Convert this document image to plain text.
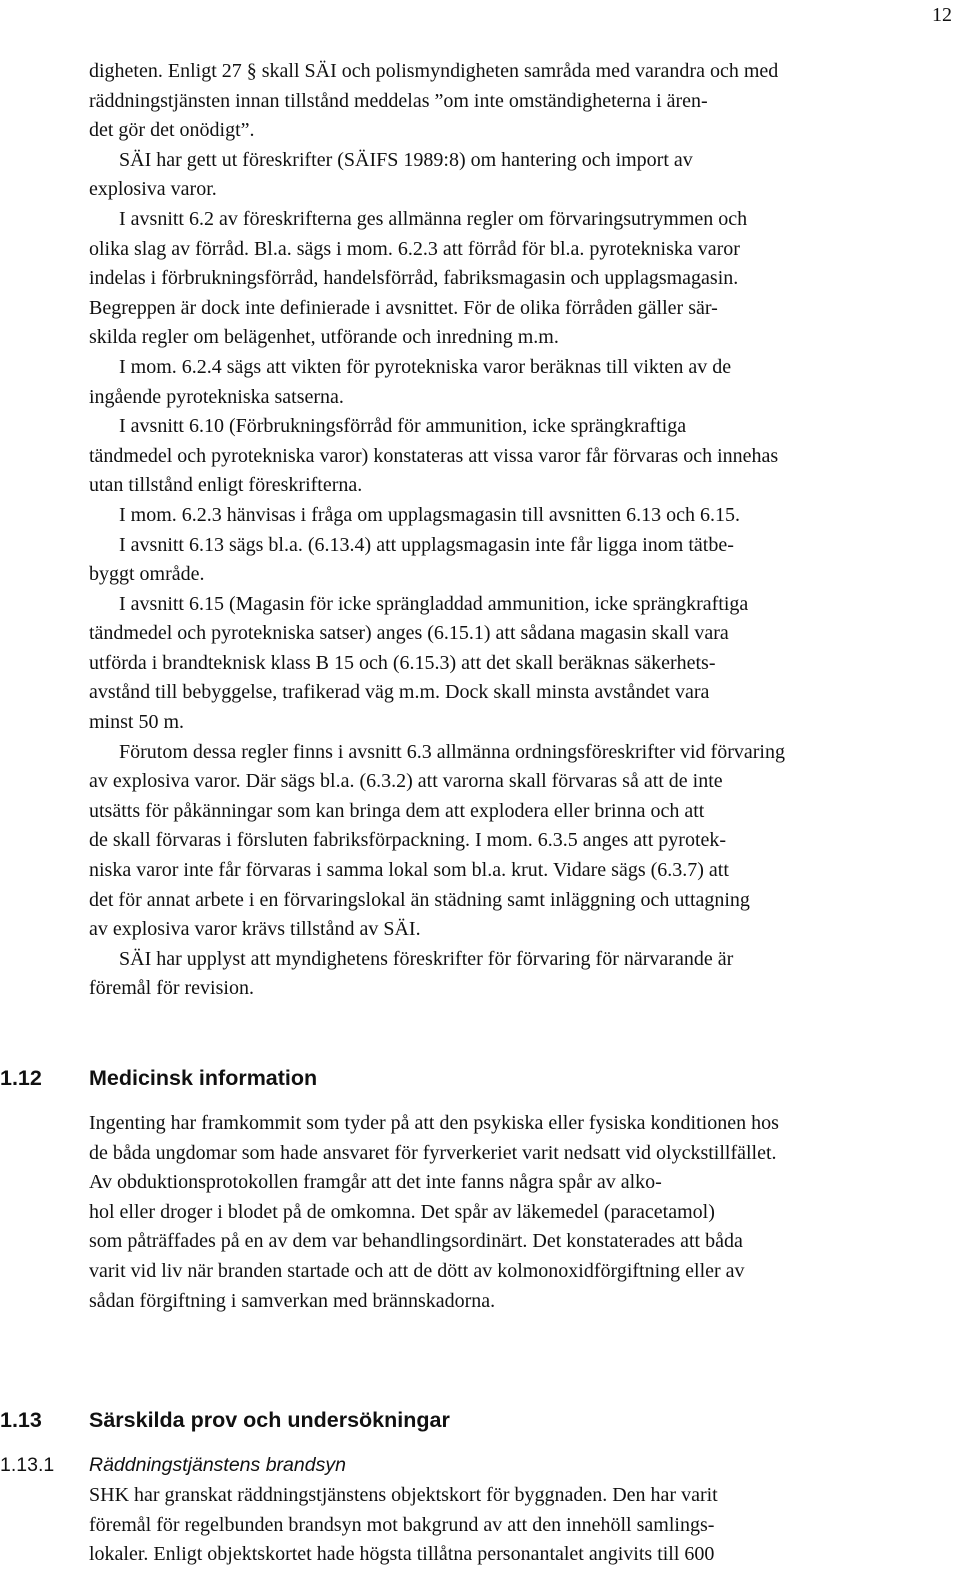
12
digheten. Enligt 27 § skall SÄI och polismyndigheten samråda med varandra och med
räddningstjänsten innan tillstånd meddelas ”om inte omständigheterna i ären-
det gör det onödigt”.
SÄI har gett ut föreskrifter (SÄIFS 1989:8) om hantering och import av
explosiva varor.
I avsnitt 6.2 av föreskrifterna ges allmänna regler om förvaringsutrymmen och
olika slag av förråd. Bl.a. sägs i mom. 6.2.3 att förråd för bl.a. pyrotekniska varor
indelas i förbrukningsförråd, handelsförråd, fabriksmagasin och upplagsmagasin.
Begreppen är dock inte definierade i avsnittet. För de olika förråden gäller sär-
skilda regler om belägenhet, utförande och inredning m.m.
I mom. 6.2.4 sägs att vikten för pyrotekniska varor beräknas till vikten av de
ingående pyrotekniska satserna.
I avsnitt 6.10 (Förbrukningsförråd för ammunition, icke sprängkraftiga
tändmedel och pyrotekniska varor) konstateras att vissa varor får förvaras och innehas
utan tillstånd enligt föreskrifterna.
I mom. 6.2.3 hänvisas i fråga om upplagsmagasin till avsnitten 6.13 och 6.15.
I avsnitt 6.13 sägs bl.a. (6.13.4) att upplagsmagasin inte får ligga inom tätbe-
byggt område.
I avsnitt 6.15 (Magasin för icke sprängladdad ammunition, icke sprängkraftiga
tändmedel och pyrotekniska satser) anges (6.15.1) att sådana magasin skall vara
utförda i brandteknisk klass B 15 och (6.15.3) att det skall beräknas säkerhets-
avstånd till bebyggelse, trafikerad väg m.m. Dock skall minsta avståndet vara
minst 50 m.
Förutom dessa regler finns i avsnitt 6.3 allmänna ordningsföreskrifter vid förvaring
av explosiva varor. Där sägs bl.a. (6.3.2) att varorna skall förvaras så att de inte
utsätts för påkänningar som kan bringa dem att explodera eller brinna och att
de skall förvaras i försluten fabriksförpackning. I mom. 6.3.5 anges att pyrotek-
niska varor inte får förvaras i samma lokal som bl.a. krut. Vidare sägs (6.3.7) att
det för annat arbete i en förvaringslokal än städning samt inläggning och uttagning
av explosiva varor krävs tillstånd av SÄI.
SÄI har upplyst att myndighetens föreskrifter för förvaring för närvarande är
föremål för revision.
1.12 Medicinsk information
Ingenting har framkommit som tyder på att den psykiska eller fysiska konditionen hos
de båda ungdomar som hade ansvaret för fyrverkeriet varit nedsatt vid olyckstillfället.
Av obduktionsprotokollen framgår att det inte fanns några spår av alko-
hol eller droger i blodet på de omkomna. Det spår av läkemedel (paracetamol)
som påträffades på en av dem var behandlingsordinärt. Det konstaterades att båda
varit vid liv när branden startade och att de dött av kolmonoxidförgiftning eller av
sådan förgiftning i samverkan med brännskadorna.
1.13 Särskilda prov och undersökningar
1.13.1 Räddningstjänstens brandsyn
SHK har granskat räddningstjänstens objektskort för byggnaden. Den har varit
föremål för regelbunden brandsyn mot bakgrund av att den innehöll samlings-
lokaler. Enligt objektskortet hade högsta tillåtna personantalet angivits till 600
